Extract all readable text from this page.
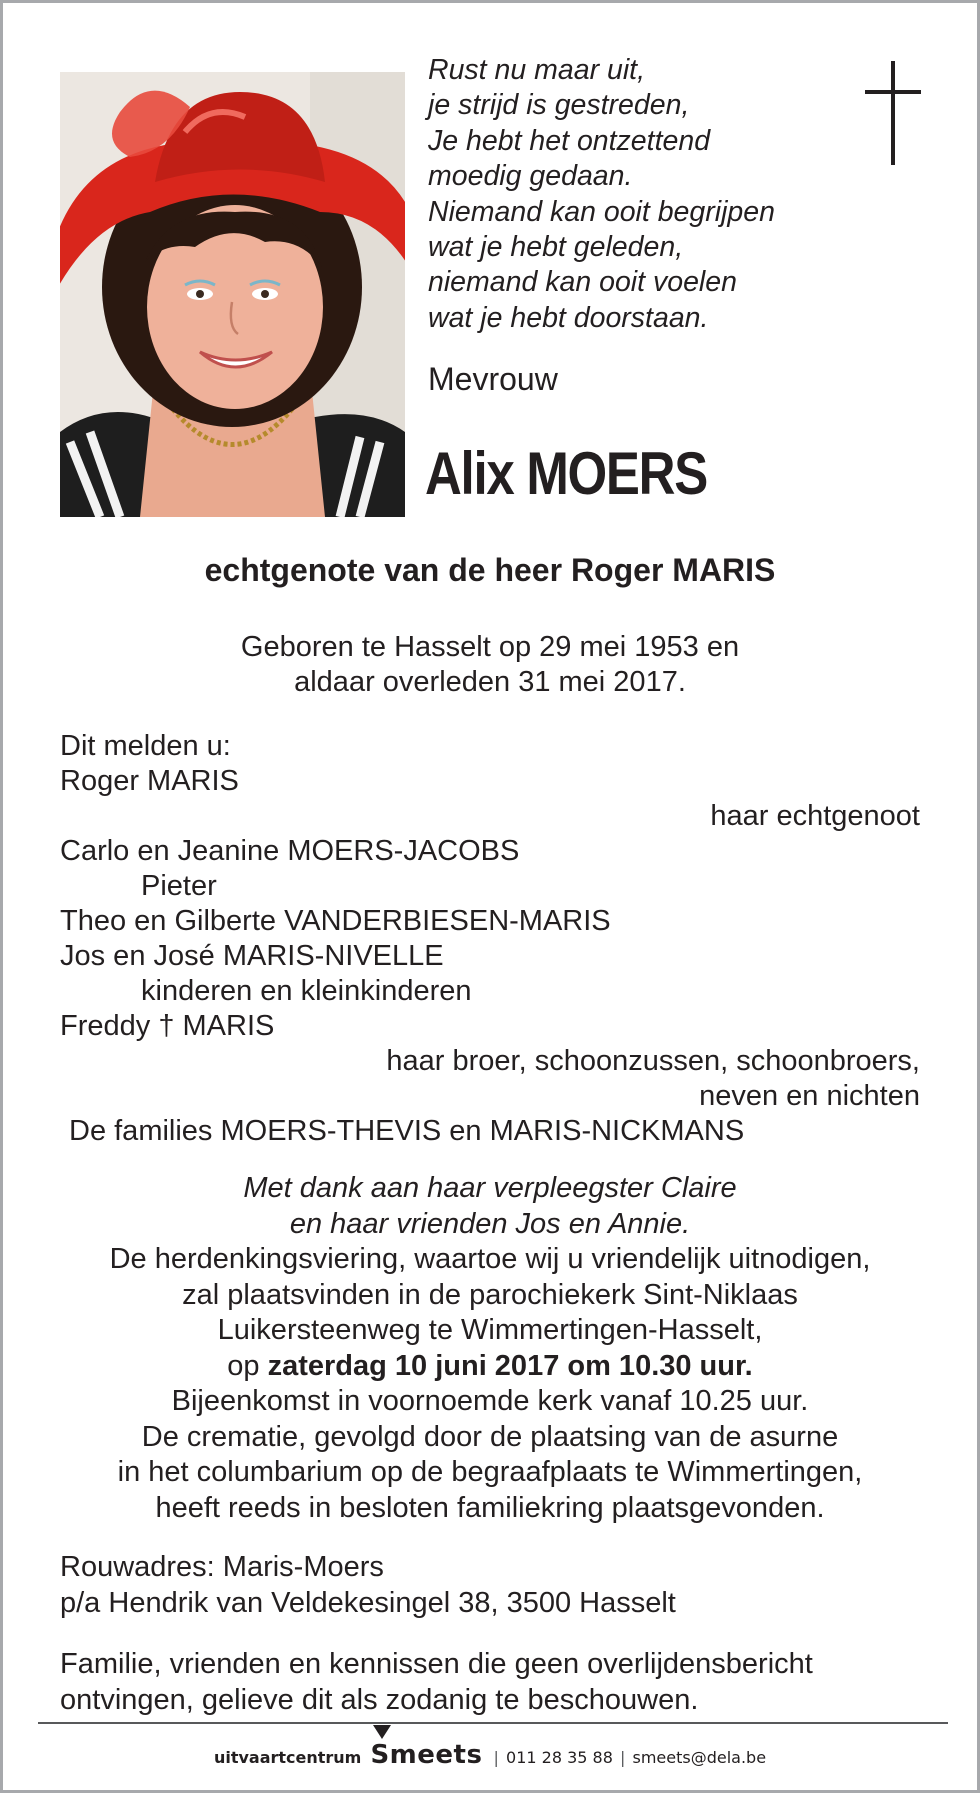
Rust nu maar uit,
je strijd is gestreden,
Je hebt het ontzettend
moedig gedaan.
Niemand kan ooit begrijpen
wat je hebt geleden,
niemand kan ooit voelen
wat je hebt doorstaan.
Mevrouw
Alix MOERS
echtgenote van de heer Roger MARIS
Geboren te Hasselt op 29 mei 1953 en
aldaar overleden 31 mei 2017.
Dit melden u:
Roger MARIS
haar echtgenoot
Carlo en Jeanine MOERS-JACOBS
Pieter
Theo en Gilberte VANDERBIESEN-MARIS
Jos en José MARIS-NIVELLE
kinderen en kleinkinderen
Freddy † MARIS
haar broer, schoonzussen, schoonbroers,
neven en nichten
De families MOERS-THEVIS en MARIS-NICKMANS
Met dank aan haar verpleegster Claire
en haar vrienden Jos en Annie.
De herdenkingsviering, waartoe wij u vriendelijk uitnodigen,
zal plaatsvinden in de parochiekerk Sint-Niklaas
Luikersteenweg te Wimmertingen-Hasselt,
op zaterdag 10 juni 2017 om 10.30 uur.
Bijeenkomst in voornoemde kerk vanaf 10.25 uur.
De crematie, gevolgd door de plaatsing van de asurne
in het columbarium op de begraafplaats te Wimmertingen,
heeft reeds in besloten familiekring plaatsgevonden.
Rouwadres: Maris-Moers
p/a Hendrik van Veldekesingel 38, 3500 Hasselt
Familie, vrienden en kennissen die geen overlijdensbericht
ontvingen, gelieve dit als zodanig te beschouwen.
uitvaartcentrum Smeets | 011 28 35 88 | smeets@dela.be
